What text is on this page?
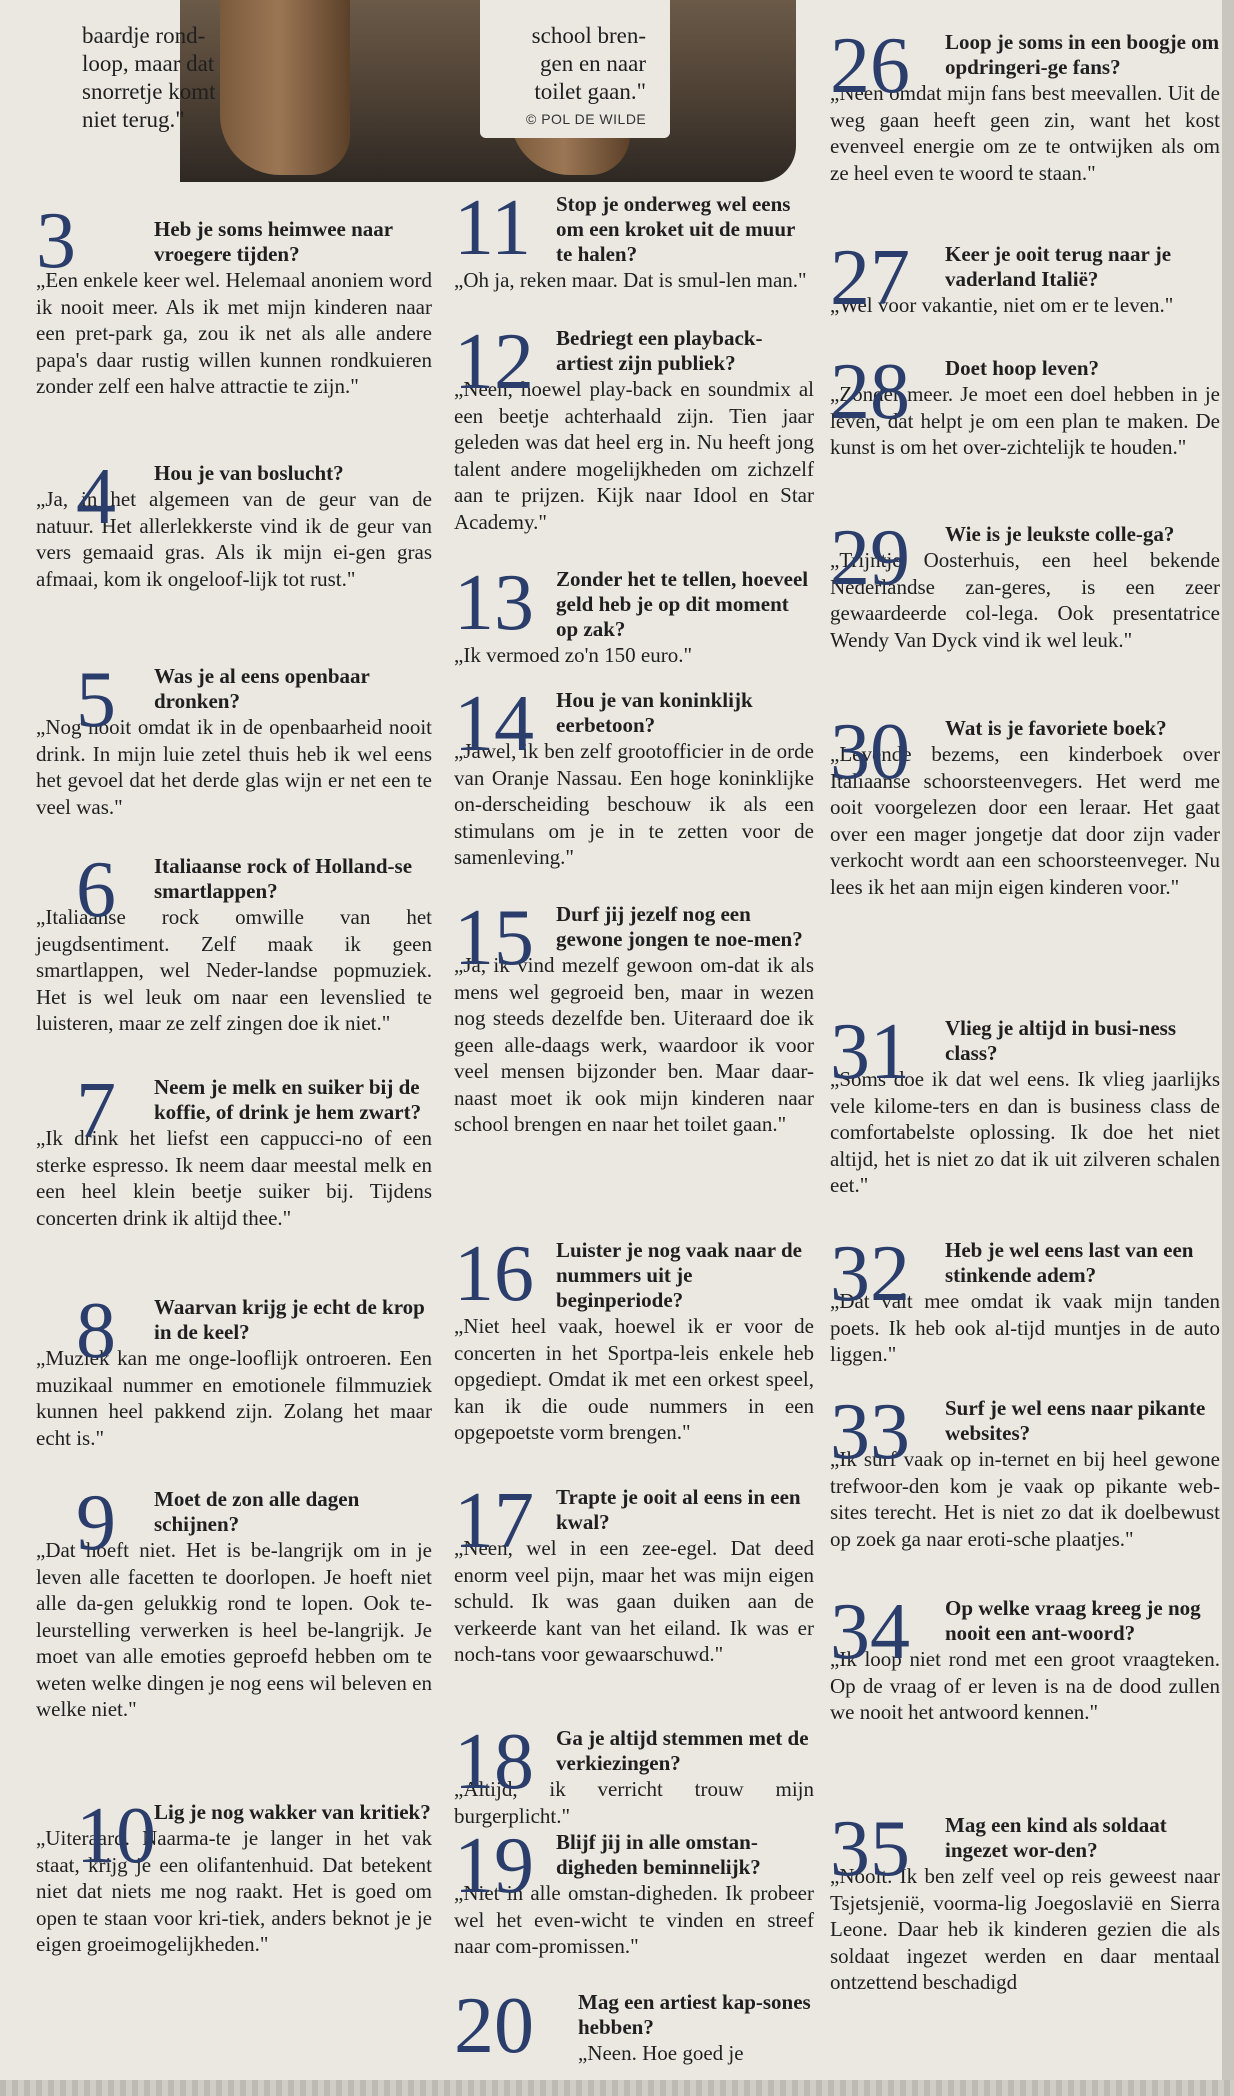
baardje rond-
loop, maar dat
snorretje komt
niet terug."
school bren-
gen en naar
toilet gaan."
© POL DE WILDE
3	Heb je soms heimwee naar vroegere tijden?

„Een enkele keer wel. Helemaal anoniem word ik nooit meer. Als ik met mijn kinderen naar een pret-park ga, zou ik net als alle andere papa's daar rustig willen kunnen rondkuieren zonder zelf een halve attractie te zijn."

4 Hou je van boslucht?

„Ja, in het algemeen van de geur van de natuur. Het allerlekkerste vind ik de geur van vers gemaaid gras. Als ik mijn ei-gen gras afmaai, kom ik ongeloof-lijk tot rust."

5 Was je al eens openbaar dronken?

„Nog nooit omdat ik in de openbaarheid nooit drink. In mijn luie zetel thuis heb ik wel eens het gevoel dat het derde glas wijn er net een te veel was."

6 Italiaanse rock of Holland-se smartlappen?

„Italiaanse rock omwille van het jeugdsentiment. Zelf maak ik geen smartlappen, wel Neder-landse popmuziek. Het is wel leuk om naar een levenslied te luisteren, maar ze zelf zingen doe ik niet."

7 Neem je melk en suiker bij de koffie, of drink je hem zwart?

„Ik drink het liefst een cappucci-no of een sterke espresso. Ik neem daar meestal melk en een heel klein beetje suiker bij. Tijdens concerten drink ik altijd thee."

8 Waarvan krijg je echt de krop in de keel?

„Muziek kan me onge-looflijk ontroeren. Een muzikaal nummer en emotionele filmmuziek kunnen heel pakkend zijn. Zolang het maar echt is."

9 Moet de zon alle dagen schijnen?

„Dat hoeft niet. Het is be-langrijk om in je leven alle facetten te doorlopen. Je hoeft niet alle da-gen gelukkig rond te lopen. Ook te-leurstelling verwerken is heel be-langrijk. Je moet van alle emoties geproefd hebben om te weten welke dingen je nog eens wil beleven en welke niet."

10

Lig je nog wakker van kritiek?

„Uiteraard. Naarma-te je langer in het vak staat, krijg je een olifantenhuid. Dat betekent niet dat niets me nog raakt. Het is goed om open te staan voor kri-tiek, anders beknot je je eigen groeimogelijkheden."

11 Stop je onderweg wel eens om een kroket uit de muur te halen?

„Oh ja, reken maar. Dat is smul-len man."

12 Bedriegt een playback-artiest zijn publiek?

„Neen, hoewel play-back en soundmix al een beetje achterhaald zijn. Tien jaar geleden was dat heel erg in. Nu heeft jong talent andere mogelijkheden om zichzelf aan te prijzen. Kijk naar Idool en Star Academy."

13 Zonder het te tellen, hoeveel geld heb je op dit moment op zak?

„Ik vermoed zo'n 150 euro."

14 Hou je van koninklijk eerbetoon?

„Jawel, ik ben zelf grootofficier in de orde van Oranje Nassau. Een hoge koninklijke on-derscheiding beschouw ik als een stimulans om je in te zetten voor de samenleving."

15 Durf jij jezelf nog een gewone jongen te noe-men?

„Ja, ik vind mezelf gewoon om-dat ik als mens wel gegroeid ben, maar in wezen nog steeds dezelfde ben. Uiteraard doe ik geen alle-daags werk, waardoor ik voor veel mensen bijzonder ben. Maar daar-naast moet ik ook mijn kinderen naar school brengen en naar het toilet gaan."

16 Luister je nog vaak naar de nummers uit je beginperiode?

„Niet heel vaak, hoewel ik er voor de concerten in het Sportpa-leis enkele heb opgediept. Omdat ik met een orkest speel, kan ik die oude nummers in een opgepoetste vorm brengen."

17 Trapte je ooit al eens in een kwal?

„Neen, wel in een zee-egel. Dat deed enorm veel pijn, maar het was mijn eigen schuld. Ik was gaan duiken aan de verkeerde kant van het eiland. Ik was er noch-tans voor gewaarschuwd."

18 Ga je altijd stemmen met de verkiezingen?

„Altijd, ik verricht trouw mijn burgerplicht."

19 Blijf jij in alle omstan-digheden beminnelijk?

„Niet in alle omstan-digheden. Ik probeer wel het even-wicht te vinden en streef naar com-promissen."

20 Mag een artiest kap-sones hebben?

„Neen. Hoe goed je

26 Loop je soms in een boogje om opdringeri-ge fans?

„Neen omdat mijn fans best meevallen. Uit de weg gaan heeft geen zin, want het kost evenveel energie om ze te ontwijken als om ze heel even te woord te staan."

27 Keer je ooit terug naar je vaderland Italië?

„Wel voor vakantie, niet om er te leven."

28 Doet hoop leven?

„Zonder meer. Je moet een doel hebben in je leven, dat helpt je om een plan te maken. De kunst is om het over-zichtelijk te houden."

29 Wie is je leukste colle-ga?

„Trijntje Oosterhuis, een heel bekende Nederlandse zan-geres, is een zeer gewaardeerde col-lega. Ook presentatrice Wendy Van Dyck vind ik wel leuk."

30 Wat is je favoriete boek?

„Levende bezems, een kinderboek over Italiaanse schoorsteenvegers. Het werd me ooit voorgelezen door een leraar. Het gaat over een mager jongetje dat door zijn vader verkocht wordt aan een schoorsteenveger. Nu lees ik het aan mijn eigen kinderen voor."

31 Vlieg je altijd in busi-ness class?

„Soms doe ik dat wel eens. Ik vlieg jaarlijks vele kilome-ters en dan is business class de comfortabelste oplossing. Ik doe het niet altijd, het is niet zo dat ik uit zilveren schalen eet."

32 Heb je wel eens last van een stinkende adem?

„Dat valt mee omdat ik vaak mijn tanden poets. Ik heb ook al-tijd muntjes in de auto liggen."

33 Surf je wel eens naar pikante websites?

„Ik surf vaak op in-ternet en bij heel gewone trefwoor-den kom je vaak op pikante web-sites terecht. Het is niet zo dat ik doelbewust op zoek ga naar eroti-sche plaatjes."

34 Op welke vraag kreeg je nog nooit een ant-woord?

„Ik loop niet rond met een groot vraagteken. Op de vraag of er leven is na de dood zullen we nooit het antwoord kennen."

35 Mag een kind als soldaat ingezet wor-den?

„Nooit. Ik ben zelf veel op reis geweest naar Tsjetsjenië, voorma-lig Joegoslavië en Sierra Leone. Daar heb ik kinderen gezien die als soldaat ingezet werden en daar mentaal ontzettend beschadigd
